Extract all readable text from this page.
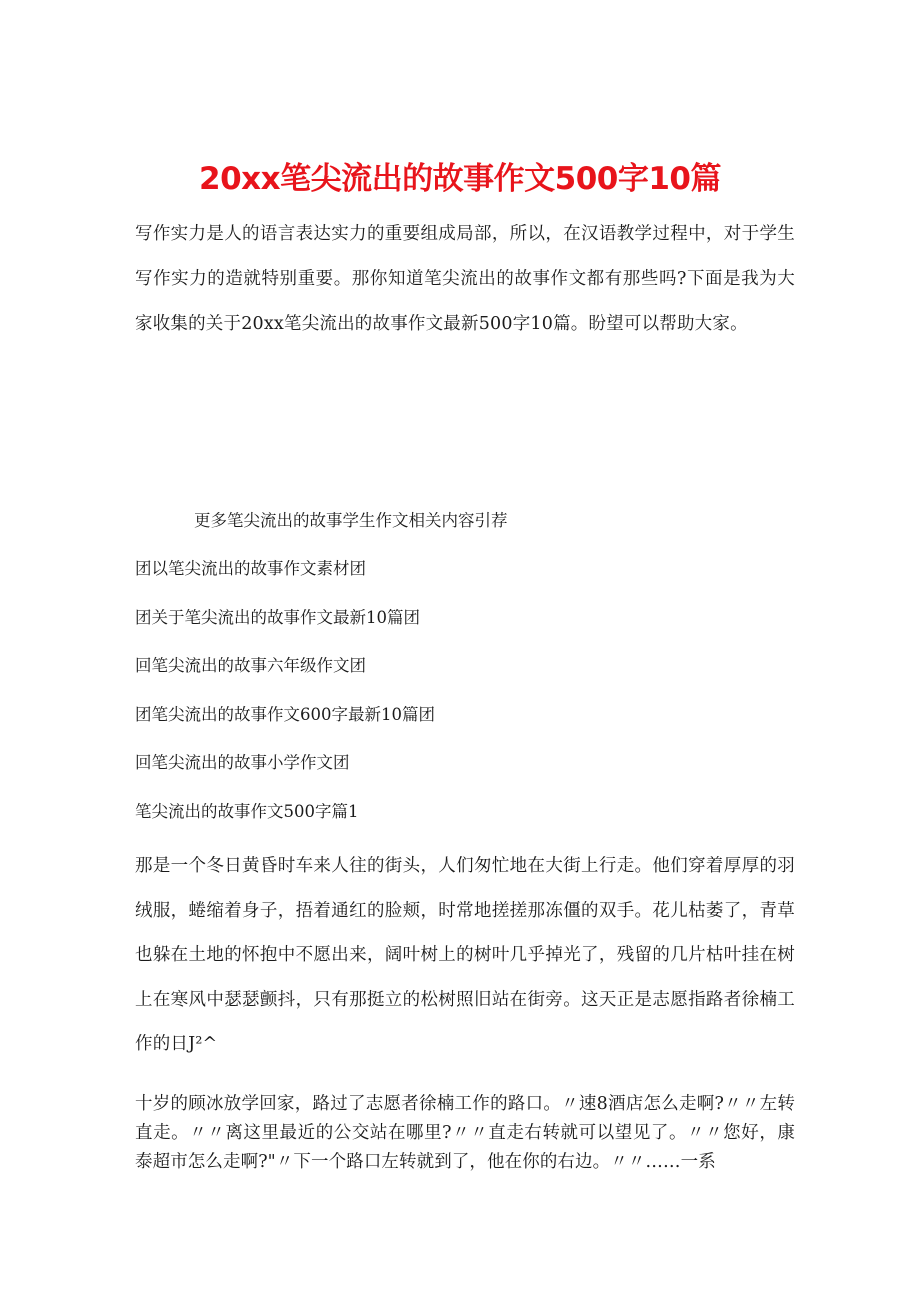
20xx笔尖流出的故事作文500字10篇

写作实力是人的语言表达实力的重要组成局部，所以，在汉语教学过程中，对于学生写作实力的造就特别重要。那你知道笔尖流出的故事作文都有那些吗?下面是我为大家收集的关于20xx笔尖流出的故事作文最新500字10篇。盼望可以帮助大家。

更多笔尖流出的故事学生作文相关内容引荐
团以笔尖流出的故事作文素材团
团关于笔尖流出的故事作文最新10篇团
回笔尖流出的故事六年级作文团
团笔尖流出的故事作文600字最新10篇团
回笔尖流出的故事小学作文团
笔尖流出的故事作文500字篇1

那是一个冬日黄昏时车来人往的街头，人们匆忙地在大街上行走。他们穿着厚厚的羽绒服，蜷缩着身子，捂着通红的脸颊，时常地搓搓那冻僵的双手。花儿枯萎了，青草也躲在土地的怀抱中不愿出来，阔叶树上的树叶几乎掉光了，残留的几片枯叶挂在树上在寒风中瑟瑟颤抖，只有那挺立的松树照旧站在街旁。这天正是志愿指路者徐楠工作的日J²^

十岁的顾冰放学回家，路过了志愿者徐楠工作的路口。〃速8酒店怎么走啊?〃〃左转直走。〃〃离这里最近的公交站在哪里?〃〃直走右转就可以望见了。〃〃您好，康泰超市怎么走啊?"〃下一个路口左转就到了，他在你的右边。〃〃……一系
